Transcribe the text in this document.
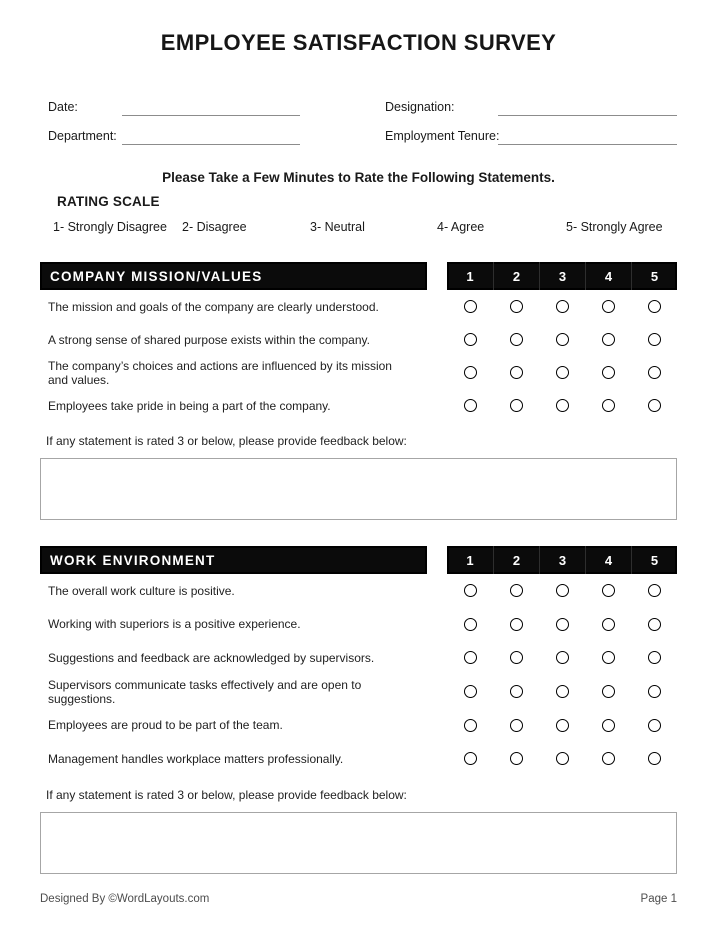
EMPLOYEE SATISFACTION SURVEY
Date:	Designation:
Department:	Employment Tenure:
Please Take a Few Minutes to Rate the Following Statements.
RATING SCALE
1- Strongly Disagree	2- Disagree	3- Neutral	4- Agree	5- Strongly Agree
COMPANY MISSION/VALUES	1	2	3	4	5
The mission and goals of the company are clearly understood.
A strong sense of shared purpose exists within the company.
The company’s choices and actions are influenced by its mission and values.
Employees take pride in being a part of the company.
If any statement is rated 3 or below, please provide feedback below:
WORK ENVIRONMENT	1	2	3	4	5
The overall work culture is positive.
Working with superiors is a positive experience.
Suggestions and feedback are acknowledged by supervisors.
Supervisors communicate tasks effectively and are open to suggestions.
Employees are proud to be part of the team.
Management handles workplace matters professionally.
If any statement is rated 3 or below, please provide feedback below:
Designed By ©WordLayouts.com	Page 1
